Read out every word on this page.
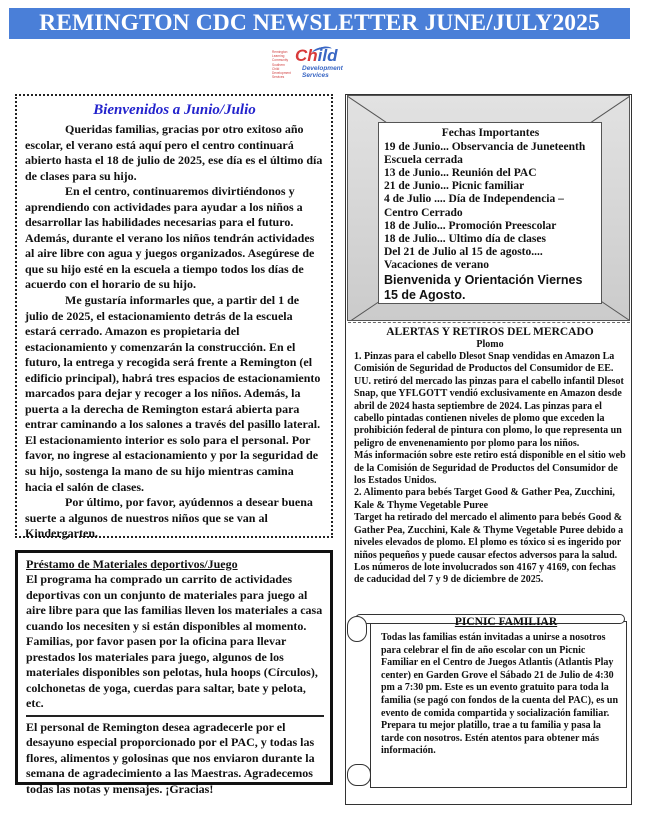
REMINGTON CDC NEWSLETTER JUNE/JULY2025
Remington
Learning
Community
Southern
Child
Development
Services
Child
Development
Services
Bienvenidos a Junio/Julio

Queridas familias, gracias por otro exitoso año escolar, el verano está aquí pero el centro continuará abierto hasta el 18 de julio de 2025, ese día es el último día de clases para su hijo.

En el centro, continuaremos divirtiéndonos y aprendiendo con actividades para ayudar a los niños a desarrollar las habilidades necesarias para el futuro. Además, durante el verano los niños tendrán actividades al aire libre con agua y juegos organizados. Asegúrese de que su hijo esté en la escuela a tiempo todos los días de acuerdo con el horario de su hijo.

Me gustaría informarles que, a partir del 1 de julio de 2025, el estacionamiento detrás de la escuela estará cerrado. Amazon es propietaria del estacionamiento y comenzarán la construcción. En el futuro, la entrega y recogida será frente a Remington (el edificio principal), habrá tres espacios de estacionamiento marcados para dejar y recoger a los niños. Además, la puerta a la derecha de Remington estará abierta para entrar caminando a los salones a través del pasillo lateral. El estacionamiento interior es solo para el personal. Por favor, no ingrese al estacionamiento y por la seguridad de su hijo, sostenga la mano de su hijo mientras camina hacia el salón de clases.

Por último, por favor, ayúdennos a desear buena suerte a algunos de nuestros niños que se van al Kindergarten.

Préstamo de Materiales deportivos/Juego

El programa ha comprado un carrito de actividades deportivas con un conjunto de materiales para juego al aire libre para que las familias lleven los materiales a casa cuando los necesiten y si están disponibles al momento. Familias, por favor pasen por la oficina para llevar prestados los materiales para juego, algunos de los materiales disponibles son pelotas, hula hoops (Círculos), colchonetas de yoga, cuerdas para saltar, bate y pelota, etc.

El personal de Remington desea agradecerle por el desayuno especial proporcionado por el PAC, y todas las flores, alimentos y golosinas que nos enviaron durante la semana de agradecimiento a las Maestras. Agradecemos todas las notas y mensajes. ¡Gracias!

Fechas Importantes
19 de Junio... Observancia de Juneteenth Escuela cerrada
13 de Junio... Reunión del PAC
21 de Junio... Picnic familiar
4 de Julio .... Día de Independencia – Centro Cerrado
18 de Julio... Promoción Preescolar
18 de Julio... Ultimo día de clases
Del 21 de Julio al 15 de agosto.... Vacaciones de verano
Bienvenida y Orientación Viernes 15 de Agosto.
ALERTAS Y RETIROS DEL MERCADO
Plomo

1. Pinzas para el cabello Dlesot Snap vendidas en Amazon La Comisión de Seguridad de Productos del Consumidor de EE. UU. retiró del mercado las pinzas para el cabello infantil Dlesot Snap, que YFLGOTT vendió exclusivamente en Amazon desde abril de 2024 hasta septiembre de 2024. Las pinzas para el cabello pintadas contienen niveles de plomo que exceden la prohibición federal de pintura con plomo, lo que representa un peligro de envenenamiento por plomo para los niños.

Más información sobre este retiro está disponible en el sitio web de la Comisión de Seguridad de Productos del Consumidor de los Estados Unidos.

2. Alimento para bebés Target Good & Gather Pea, Zucchini, Kale & Thyme Vegetable Puree

Target ha retirado del mercado el alimento para bebés Good & Gather Pea, Zucchini, Kale & Thyme Vegetable Puree debido a niveles elevados de plomo. El plomo es tóxico si es ingerido por niños pequeños y puede causar efectos adversos para la salud.

Los números de lote involucrados son 4167 y 4169, con fechas de caducidad del 7 y 9 de diciembre de 2025.

PICNIC FAMILIAR

Todas las familias están invitadas a unirse a nosotros para celebrar el fin de año escolar con un Picnic Familiar en el Centro de Juegos Atlantis (Atlantis Play center) en Garden Grove el Sábado 21 de Julio de 4:30 pm a 7:30 pm. Este es un evento gratuito para toda la familia (se pagó con fondos de la cuenta del PAC), es un evento de comida compartida y socialización familiar. Prepara tu mejor platillo, trae a tu familia y pasa la tarde con nosotros. Estén atentos para obtener más información.
